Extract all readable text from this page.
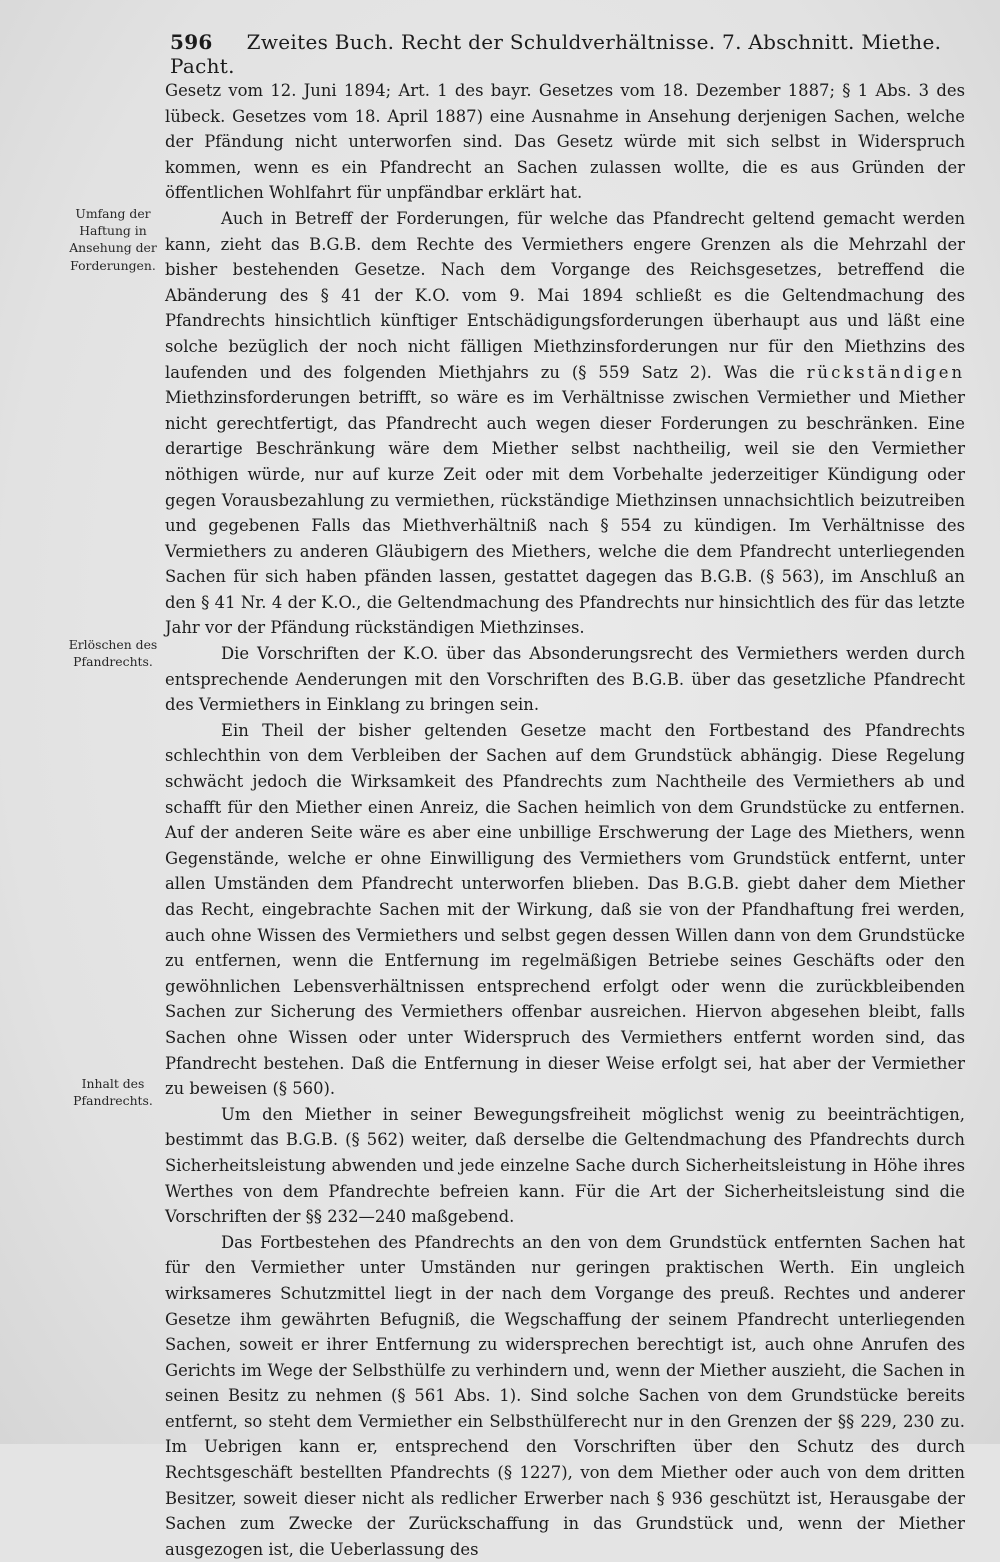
596 Zweites Buch. Recht der Schuldverhältnisse. 7. Abschnitt. Miethe. Pacht.
Umfang der Haftung in Ansehung der Forderungen.
Erlöschen des Pfandrechts.
Inhalt des Pfandrechts.

Gesetz vom 12. Juni 1894; Art. 1 des bayr. Gesetzes vom 18. Dezember 1887; § 1 Abs. 3 des lübeck. Gesetzes vom 18. April 1887) eine Ausnahme in Ansehung derjenigen Sachen, welche der Pfändung nicht unterworfen sind. Das Gesetz würde mit sich selbst in Widerspruch kommen, wenn es ein Pfandrecht an Sachen zulassen wollte, die es aus Gründen der öffentlichen Wohlfahrt für unpfändbar erklärt hat.

Auch in Betreff der Forderungen, für welche das Pfandrecht geltend gemacht werden kann, zieht das B.G.B. dem Rechte des Vermiethers engere Grenzen als die Mehrzahl der bisher bestehenden Gesetze. Nach dem Vorgange des Reichsgesetzes, betreffend die Abänderung des § 41 der K.O. vom 9. Mai 1894 schließt es die Geltendmachung des Pfandrechts hinsichtlich künftiger Entschädigungsforderungen überhaupt aus und läßt eine solche bezüglich der noch nicht fälligen Miethzinsforderungen nur für den Miethzins des laufenden und des folgenden Miethjahrs zu (§ 559 Satz 2). Was die rückständigen Miethzinsforderungen betrifft, so wäre es im Verhältnisse zwischen Vermiether und Miether nicht gerechtfertigt, das Pfandrecht auch wegen dieser Forderungen zu beschränken. Eine derartige Beschränkung wäre dem Miether selbst nachtheilig, weil sie den Vermiether nöthigen würde, nur auf kurze Zeit oder mit dem Vorbehalte jederzeitiger Kündigung oder gegen Vorausbezahlung zu vermiethen, rückständige Miethzinsen unnachsichtlich beizutreiben und gegebenen Falls das Miethverhältniß nach § 554 zu kündigen. Im Verhältnisse des Vermiethers zu anderen Gläubigern des Miethers, welche die dem Pfandrecht unterliegenden Sachen für sich haben pfänden lassen, gestattet dagegen das B.G.B. (§ 563), im Anschluß an den § 41 Nr. 4 der K.O., die Geltendmachung des Pfandrechts nur hinsichtlich des für das letzte Jahr vor der Pfändung rückständigen Miethzinses.

Die Vorschriften der K.O. über das Absonderungsrecht des Vermiethers werden durch entsprechende Aenderungen mit den Vorschriften des B.G.B. über das gesetzliche Pfandrecht des Vermiethers in Einklang zu bringen sein.

Ein Theil der bisher geltenden Gesetze macht den Fortbestand des Pfandrechts schlechthin von dem Verbleiben der Sachen auf dem Grundstück abhängig. Diese Regelung schwächt jedoch die Wirksamkeit des Pfandrechts zum Nachtheile des Vermiethers ab und schafft für den Miether einen Anreiz, die Sachen heimlich von dem Grundstücke zu entfernen. Auf der anderen Seite wäre es aber eine unbillige Erschwerung der Lage des Miethers, wenn Gegenstände, welche er ohne Einwilligung des Vermiethers vom Grundstück entfernt, unter allen Umständen dem Pfandrecht unterworfen blieben. Das B.G.B. giebt daher dem Miether das Recht, eingebrachte Sachen mit der Wirkung, daß sie von der Pfandhaftung frei werden, auch ohne Wissen des Vermiethers und selbst gegen dessen Willen dann von dem Grundstücke zu entfernen, wenn die Entfernung im regelmäßigen Betriebe seines Geschäfts oder den gewöhnlichen Lebensverhältnissen entsprechend erfolgt oder wenn die zurückbleibenden Sachen zur Sicherung des Vermiethers offenbar ausreichen. Hiervon abgesehen bleibt, falls Sachen ohne Wissen oder unter Widerspruch des Vermiethers entfernt worden sind, das Pfandrecht bestehen. Daß die Entfernung in dieser Weise erfolgt sei, hat aber der Vermiether zu beweisen (§ 560).

Um den Miether in seiner Bewegungsfreiheit möglichst wenig zu beeinträchtigen, bestimmt das B.G.B. (§ 562) weiter, daß derselbe die Geltendmachung des Pfandrechts durch Sicherheitsleistung abwenden und jede einzelne Sache durch Sicherheitsleistung in Höhe ihres Werthes von dem Pfandrechte befreien kann. Für die Art der Sicherheitsleistung sind die Vorschriften der §§ 232—240 maßgebend.

Das Fortbestehen des Pfandrechts an den von dem Grundstück entfernten Sachen hat für den Vermiether unter Umständen nur geringen praktischen Werth. Ein ungleich wirksameres Schutzmittel liegt in der nach dem Vorgange des preuß. Rechtes und anderer Gesetze ihm gewährten Befugniß, die Wegschaffung der seinem Pfandrecht unterliegenden Sachen, soweit er ihrer Entfernung zu widersprechen berechtigt ist, auch ohne Anrufen des Gerichts im Wege der Selbsthülfe zu verhindern und, wenn der Miether auszieht, die Sachen in seinen Besitz zu nehmen (§ 561 Abs. 1). Sind solche Sachen von dem Grundstücke bereits entfernt, so steht dem Vermiether ein Selbsthülferecht nur in den Grenzen der §§ 229, 230 zu. Im Uebrigen kann er, entsprechend den Vorschriften über den Schutz des durch Rechtsgeschäft bestellten Pfandrechts (§ 1227), von dem Miether oder auch von dem dritten Besitzer, soweit dieser nicht als redlicher Erwerber nach § 936 geschützt ist, Herausgabe der Sachen zum Zwecke der Zurückschaffung in das Grundstück und, wenn der Miether ausgezogen ist, die Ueberlassung des
